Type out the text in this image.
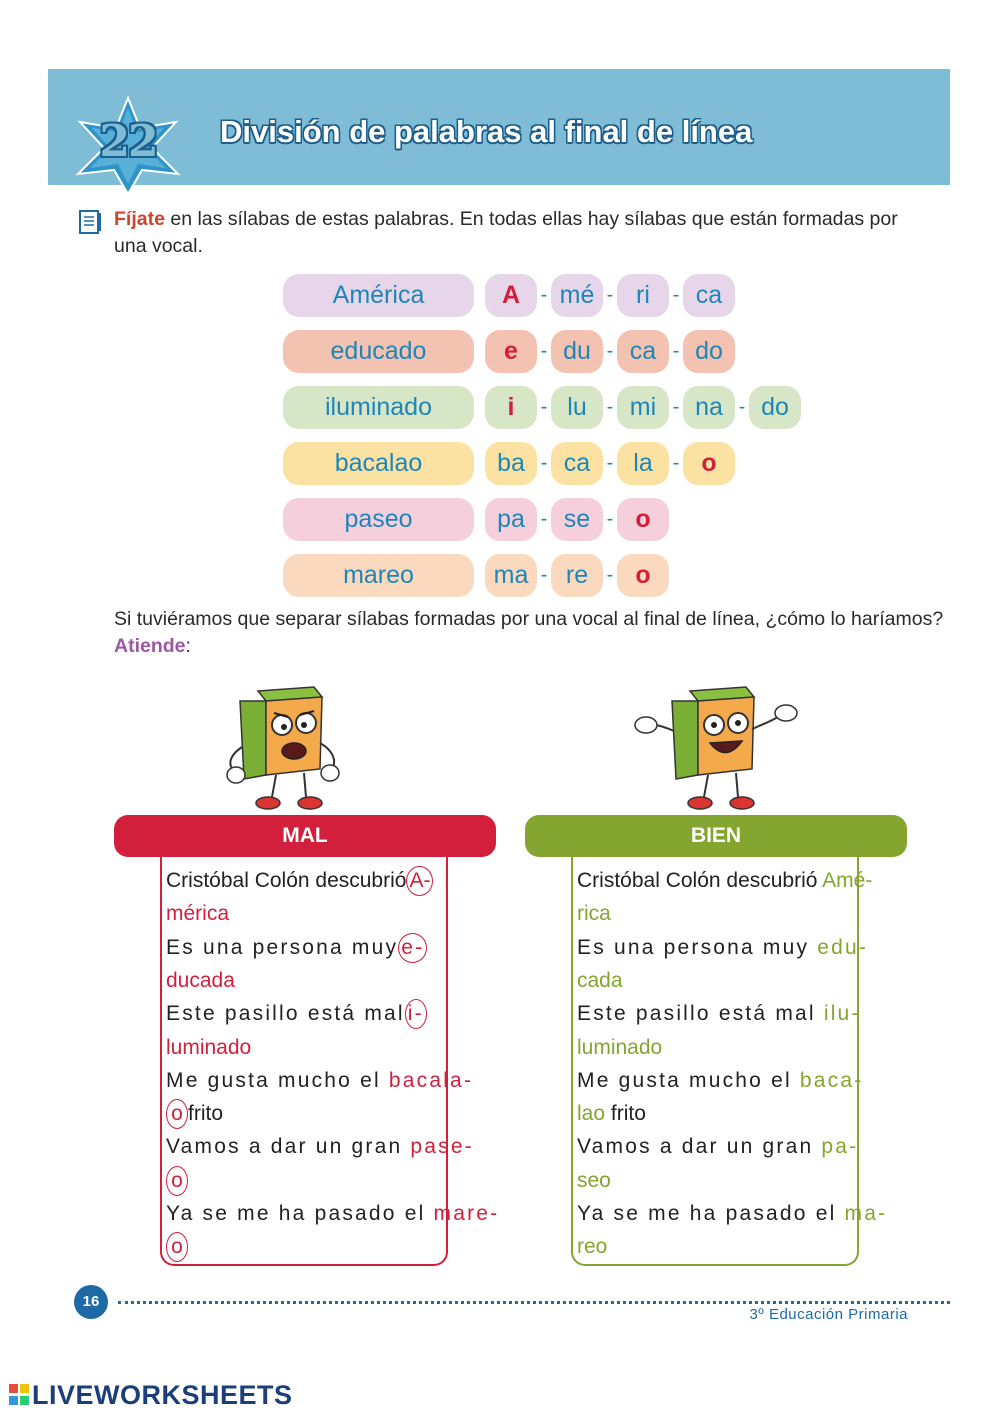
22	División de palabras al final de línea
Fíjate en las sílabas de estas palabras. En todas ellas hay sílabas que están formadas por una vocal.
América	A	- mé - ri	- ca
educado	e	- du - ca - do
iluminado	i	- lu - mi - na - do
bacalao	ba - ca - la - o
paseo	pa - se - o
mareo	ma - re - o
Si tuviéramos que separar sílabas formadas por una vocal al final de línea, ¿cómo lo haríamos? Atiende:
MAL	BIEN
16
3º Educación Primaria
LIVEWORKSHEETS
Cristóbal Colón descubrió A-
mérica
Es una persona muy e-
ducada
Este pasillo está mal i-
luminado
Me gusta mucho el bacala-
o frito
Vamos a dar un gran pase-
o
Ya se me ha pasado el mare-
o
Cristóbal Colón descubrió Amé-
rica
Es una persona muy edu-
cada
Este pasillo está mal ilu-
luminado
Me gusta mucho el baca-
lao frito
Vamos a dar un gran pa-
seo
Ya se me ha pasado el ma-
reo
